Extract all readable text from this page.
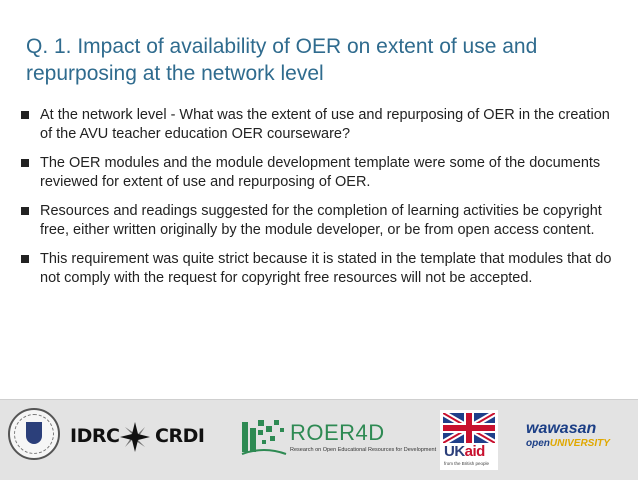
Q. 1. Impact of availability of OER on extent of use and repurposing at the network level
At the network level - What was the extent of use and repurposing of OER in the creation of the AVU teacher education OER courseware?
The OER modules and the module development template were some of the documents reviewed for extent of use and repurposing of OER.
Resources and readings suggested for the completion of learning activities be copyright free, either written originally by the module developer, or be from open access content.
This requirement was quite strict because it is stated in the template that modules that do not comply with the request for copyright free resources will not be accepted.
IDRC CRDI	ROER4D
Research on Open Educational Resources for Development UKaid
from the British people
wawasan
openUNIVERSITY
